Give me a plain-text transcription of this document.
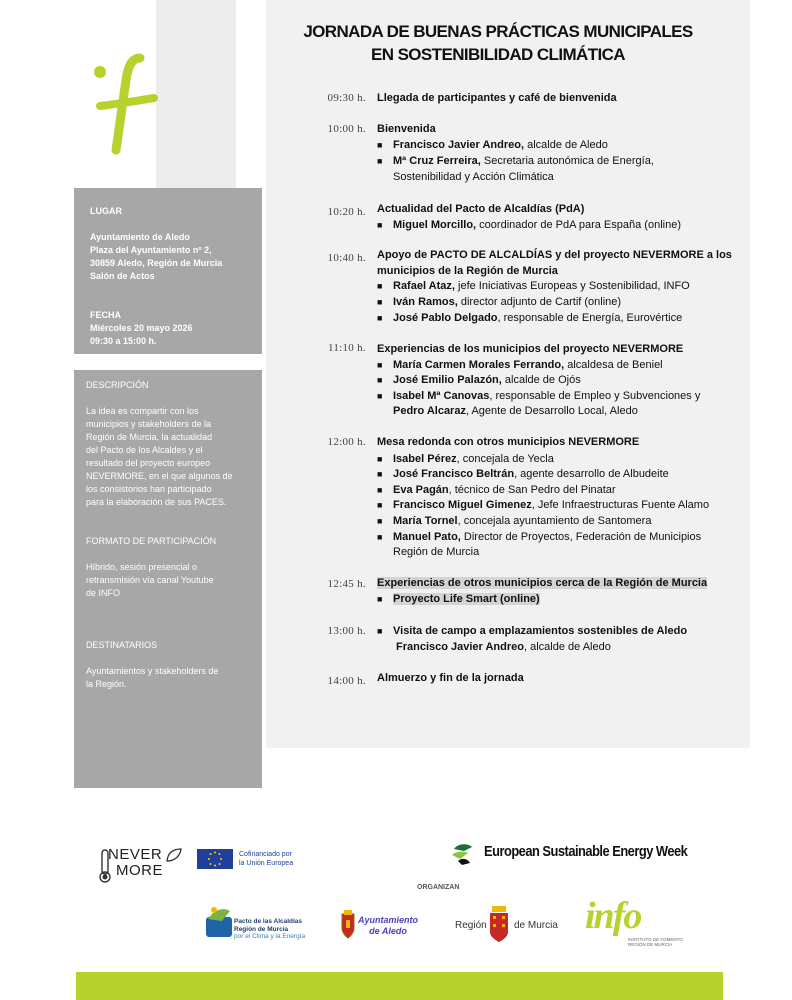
LUGAR

Ayuntamiento de Aledo

Plaza del Ayuntamiento nº 2,

30859 Aledo, Región de Murcia

Salón de Actos

FECHA

Miércoles 20 mayo 2026

09:30 a 15:00 h.

DESCRIPCIÓN

La idea es compartir con los

municipios y stakeholders de la

Región de Murcia, la actualidad

del Pacto de los Alcaldes y el

resultado del proyecto europeo

NEVERMORE, en el que algunos de

los consistorios han participado

para la elaboración de sus PACES.

FORMATO DE PARTICIPACIÓN

Híbrido, sesión presencial o

retransmisión vía canal Youtube

de INFO

DESTINATARIOS

Ayuntamientos y stakeholders de

la Región.

JORNADA DE BUENAS PRÁCTICAS MUNICIPALES
EN SOSTENIBILIDAD CLIMÁTICA
09:30 h. Llegada de participantes y café de bienvenida
10:00 h. Bienvenida
■ Francisco Javier Andreo, alcalde de Aledo
■ Mª Cruz Ferreira, Secretaria autonómica de Energía,
Sostenibilidad y Acción Climática
10:20 h. Actualidad del Pacto de Alcaldías (PdA)
■ Miguel Morcillo, coordinador de PdA para España (online)
10:40 h. Apoyo de PACTO DE ALCALDÍAS y del proyecto NEVERMORE a los
municipios de la Región de Murcia
■ Rafael Ataz, jefe Iniciativas Europeas y Sostenibilidad, INFO
■ Iván Ramos, director adjunto de Cartif (online)
■ José Pablo Delgado, responsable de Energía, Eurovértice
11:10 h. Experiencias de los municipios del proyecto NEVERMORE
■ María Carmen Morales Ferrando, alcaldesa de Beniel
■ José Emilio Palazón, alcalde de Ojós
■ Isabel Mª Canovas, responsable de Empleo y Subvenciones y
Pedro Alcaraz, Agente de Desarrollo Local, Aledo
12:00 h. Mesa redonda con otros municipios NEVERMORE
■ Isabel Pérez, concejala de Yecla
■ José Francisco Beltrán, agente desarrollo de Albudeite
■ Eva Pagán, técnico de San Pedro del Pinatar
■ Francisco Miguel Gimenez, Jefe Infraestructuras Fuente Alamo
■ María Tornel, concejala ayuntamiento de Santomera
■ Manuel Pato, Director de Proyectos, Federación de Municipios
Región de Murcia
12:45 h. Experiencias de otros municipios cerca de la Región de Murcia
■ Proyecto Life Smart (online)
13:00 h. ■ Visita de campo a emplazamientos sostenibles de Aledo
Francisco Javier Andreo, alcalde de Aledo
14:00 h. Almuerzo y fin de la jornada
NEVER
MORE
Cofinanciado por
la Unión Europea
European Sustainable Energy Week
ORGANIZAN
Pacto de las Alcaldías
Región de Murcia
por el Clima y la Energía
Ayuntamiento
de Aledo	Región	de Murcia info
INSTITUTO DE FOMENTO
REGIÓN DE MURCIA
